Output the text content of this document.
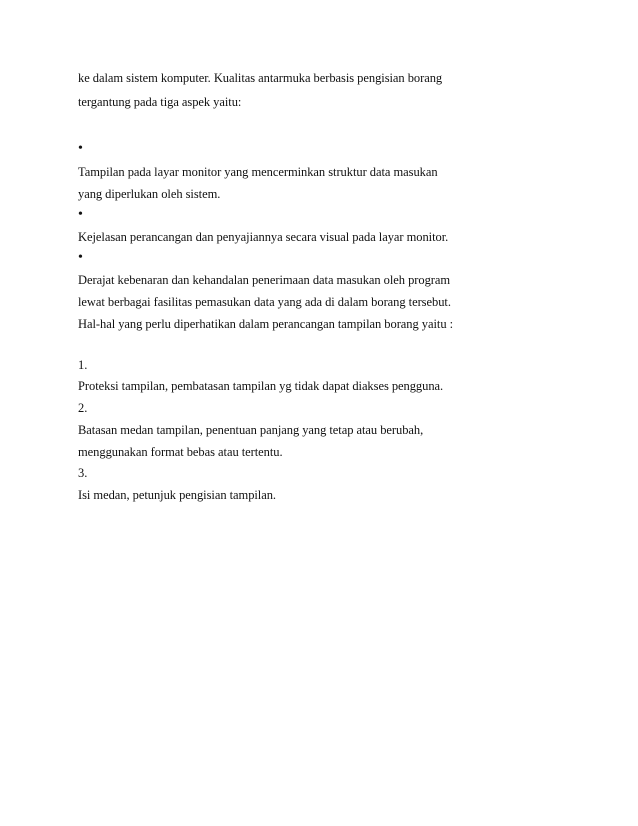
ke dalam sistem komputer. Kualitas antarmuka berbasis pengisian borang
tergantung pada tiga aspek yaitu:
•
Tampilan pada layar monitor yang mencerminkan struktur data masukan
yang diperlukan oleh sistem.
•
Kejelasan perancangan dan penyajiannya secara visual pada layar monitor.
•
Derajat kebenaran dan kehandalan penerimaan data masukan oleh program
lewat berbagai fasilitas pemasukan data yang ada di dalam borang tersebut.
Hal-hal yang perlu diperhatikan dalam perancangan tampilan borang yaitu :
1.
Proteksi tampilan, pembatasan tampilan yg tidak dapat diakses pengguna.
2.
Batasan medan tampilan, penentuan panjang yang tetap atau berubah,
menggunakan format bebas atau tertentu.
3.
Isi medan, petunjuk pengisian tampilan.
